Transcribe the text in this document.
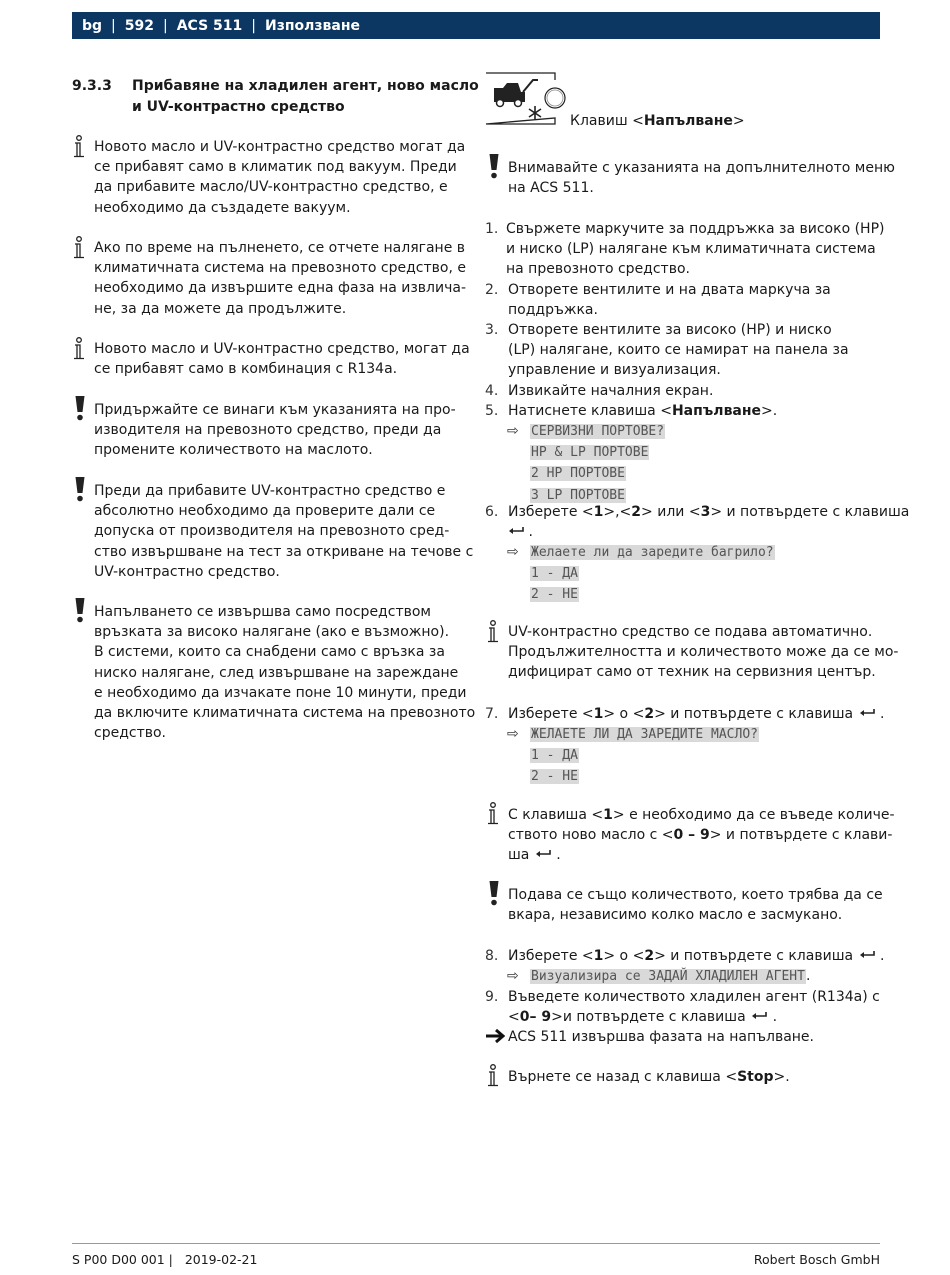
bg | 592 | ACS 511 | Използване
9.3.3 Прибавяне на хладилен агент, ново масло
и UV-контрастно средство
Новото масло и UV-контрастно средство могат да
се прибавят само в климатик под вакуум. Преди
да прибавите масло/UV-контрастно средство, е
необходимо да създадете вакуум.
Ако по време на пълненето, се отчете налягане в
климатичната система на превозното средство, е
необходимо да извършите една фаза на извлича-
не, за да можете да продължите.
Новото масло и UV-контрастно средство, могат да
се прибавят само в комбинация с R134a.
Придържайте се винаги към указанията на про-
изводителя на превозното средство, преди да
промените количеството на маслото.
Преди да прибавите UV-контрастно средство е
абсолютно необходимо да проверите дали се
допуска от производителя на превозното сред-
ство извършване на тест за откриване на течове с
UV-контрастно средство.
Напълването се извършва само посредством
връзката за високо налягане (ако е възможно).
В системи, които са снабдени само с връзка за
ниско налягане, след извършване на зареждане
е необходимо да изчакате поне 10 минути, преди
да включите климатичната система на превозното
средство.
Клавиш <Напълване>
Внимавайте с указанията на допълнителното меню
на ACS 511.
1. Свържете маркучите за поддръжка за високо (HP)
и ниско (LP) налягане към климатичната система
на превозното средство.
2. Отворете вентилите и на двата маркуча за
поддръжка.
3. Отворете вентилите за високо (HP) и ниско
(LP) налягане, които се намират на панела за
управление и визуализация.
4. Извикайте началния екран.
5. Натиснете клавиша <Напълване>.
⇨ СЕРВИЗНИ ПОРТОВЕ?
HP & LP ПОРТОВЕ
2 HP ПОРТОВЕ
3 LP ПОРТОВЕ
6. Изберете <1>,<2> или <3> и потвърдете с клавиша
.
⇨ Желаете ли да заредите багрило?
1 - ДА
2 - НЕ
UV-контрастно средство се подава автоматично.
Продължителността и количеството може да се мо-
дифицират само от техник на сервизния център.
7. Изберете <1> o <2> и потвърдете с клавиша  .
⇨ ЖЕЛАЕТЕ ЛИ ДА ЗАРЕДИТЕ МАСЛО?
1 - ДА
2 - НЕ
С клавиша <1> е необходимо да се въведе количе-
ството ново масло с <0 – 9> и потвърдете с клави-
ша  .
Подава се също количеството, което трябва да се
вкара, независимо колко масло е засмукано.
8. Изберете <1> o <2> и потвърдете с клавиша  .
⇨ Визуализира се ЗАДАЙ ХЛАДИЛЕН АГЕНТ.
9. Въведете количеството хладилен агент (R134a) с
<0– 9>и потвърдете с клавиша  .
ACS 511 извършва фазата на напълване.
Върнете се назад с клавиша <Stop>.
S P00 D00 001 |   2019-02-21	Robert Bosch GmbH
